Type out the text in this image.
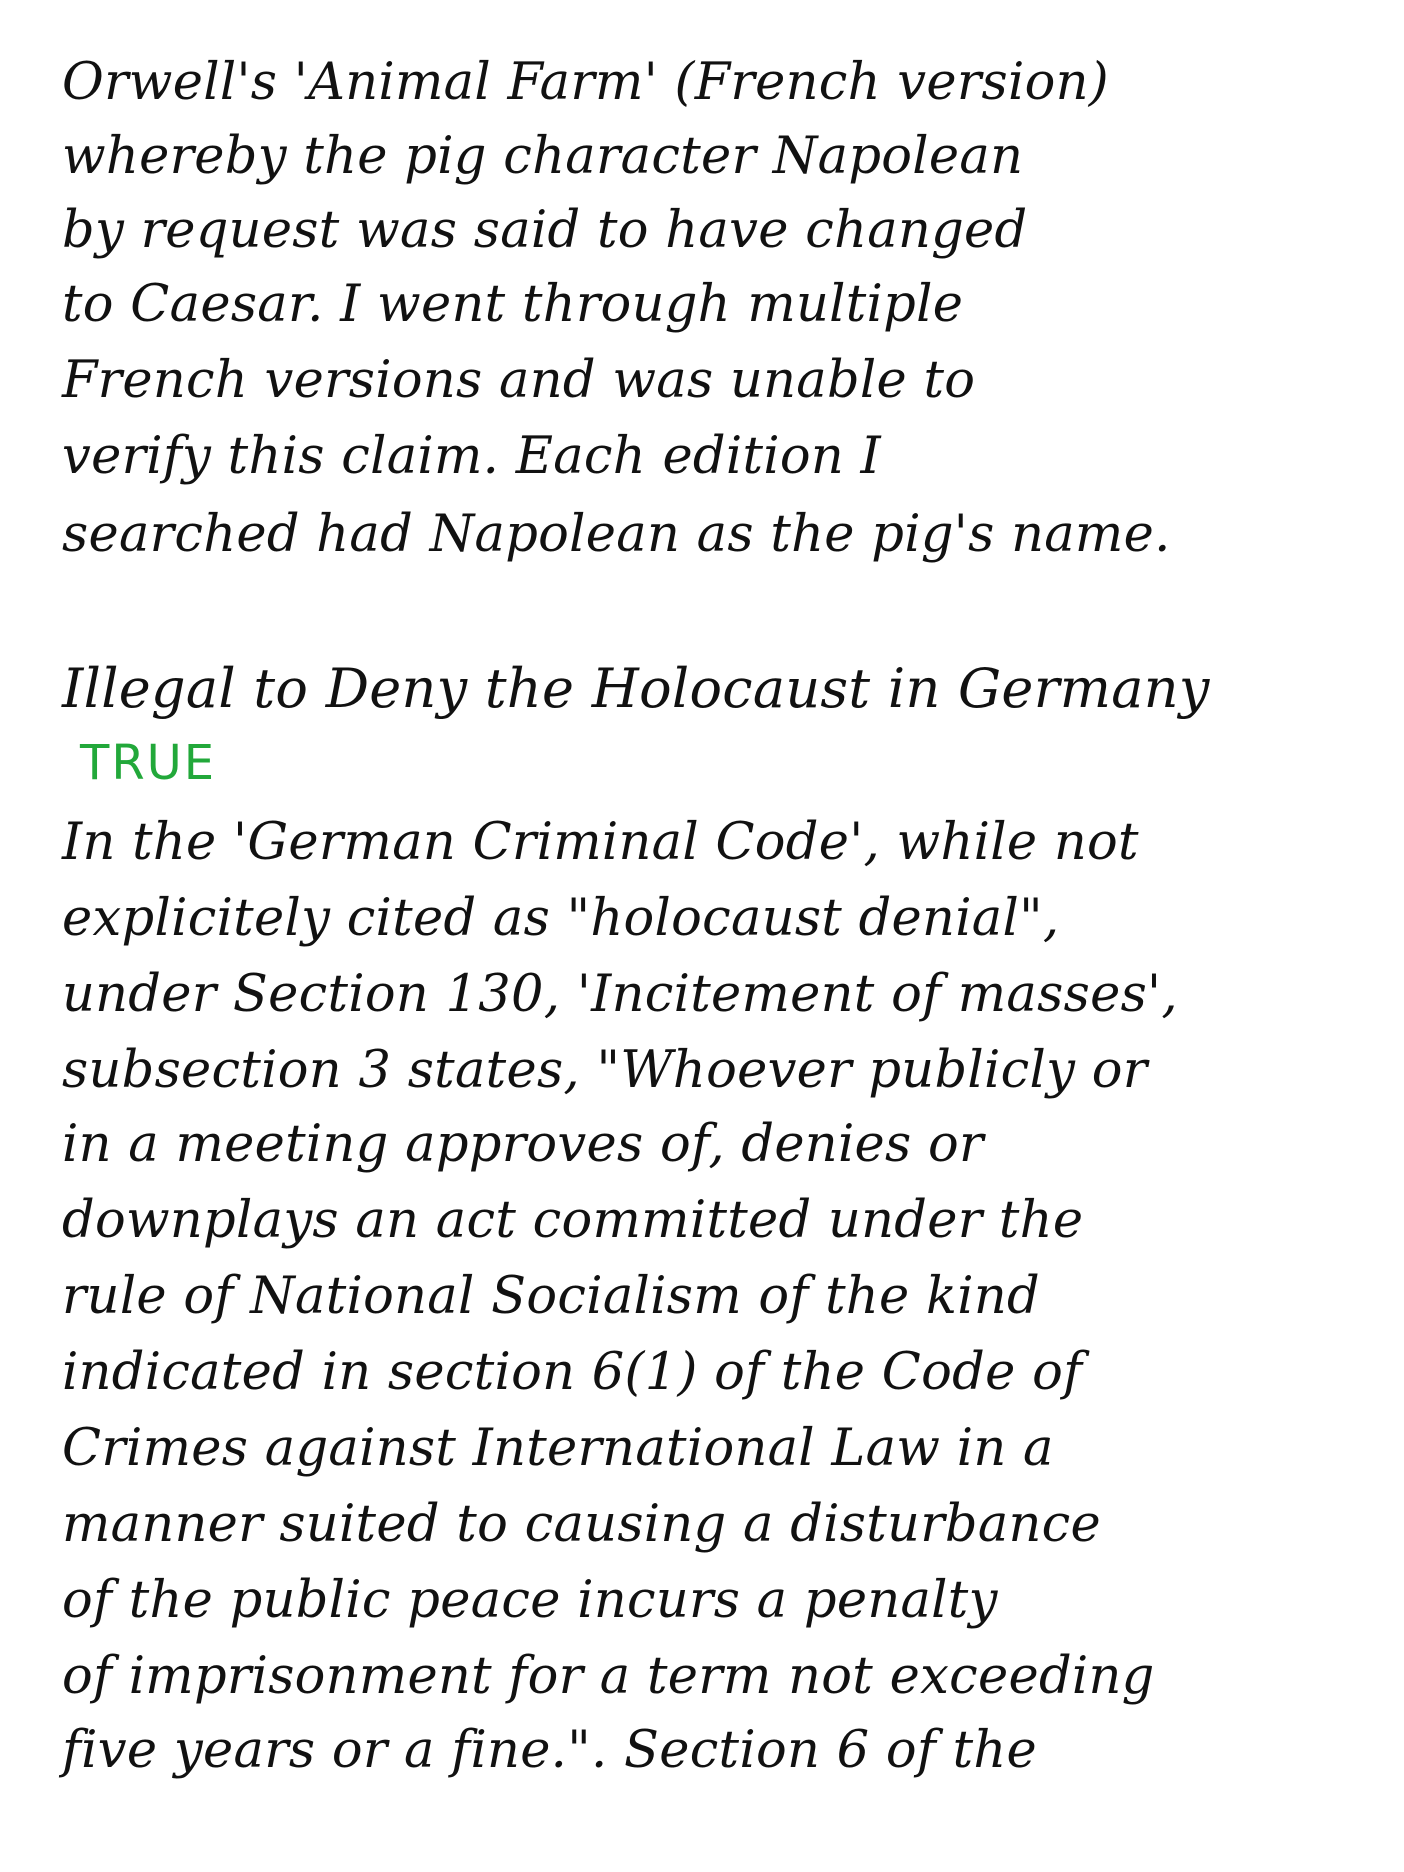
Orwell's 'Animal Farm' (French version)
whereby the pig character Napolean
by request was said to have changed
to Caesar. I went through multiple
French versions and was unable to
verify this claim. Each edition I
searched had Napolean as the pig's name.
Illegal to Deny the Holocaust in Germany
TRUE
In the 'German Criminal Code', while not
explicitely cited as "holocaust denial",
under Section 130, 'Incitement of masses',
subsection 3 states, "Whoever publicly or
in a meeting approves of, denies or
downplays an act committed under the
rule of National Socialism of the kind
indicated in section 6(1) of the Code of
Crimes against International Law in a
manner suited to causing a disturbance
of the public peace incurs a penalty
of imprisonment for a term not exceeding
five years or a fine.". Section 6 of the
